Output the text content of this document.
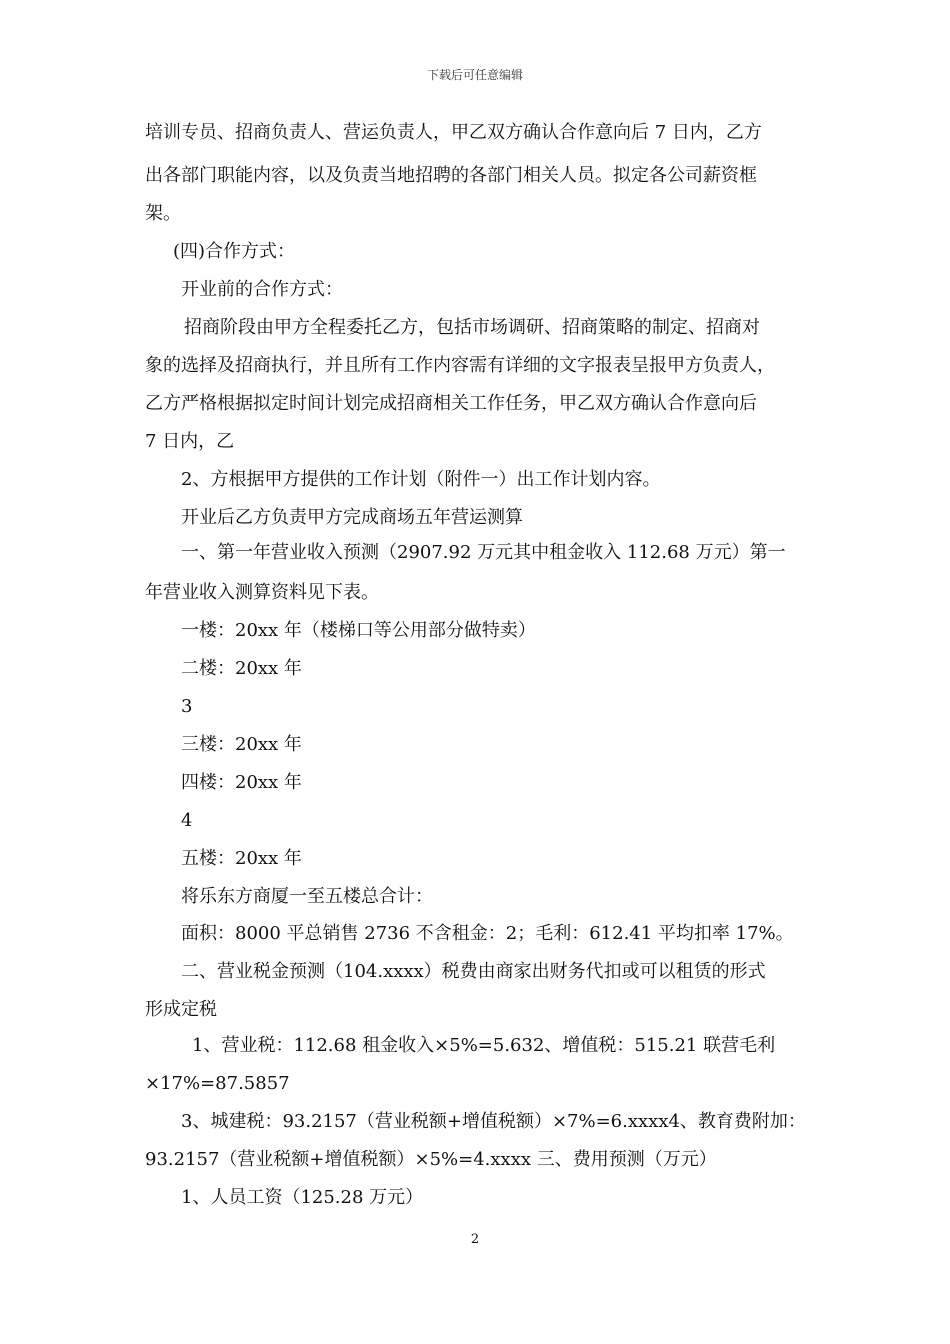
下载后可任意编辑
培训专员、招商负责人、营运负责人，甲乙双方确认合作意向后 7 日内，乙方
出各部门职能内容，以及负责当地招聘的各部门相关人员。拟定各公司薪资框
架。
(四)合作方式：
开业前的合作方式：
招商阶段由甲方全程委托乙方，包括市场调研、招商策略的制定、招商对
象的选择及招商执行，并且所有工作内容需有详细的文字报表呈报甲方负责人，
乙方严格根据拟定时间计划完成招商相关工作任务，甲乙双方确认合作意向后
7 日内，乙
2、方根据甲方提供的工作计划（附件一）出工作计划内容。
开业后乙方负责甲方完成商场五年营运测算
一、第一年营业收入预测（2907.92 万元其中租金收入 112.68 万元）第一
年营业收入测算资料见下表。
一楼：20xx 年（楼梯口等公用部分做特卖）
二楼：20xx 年
3
三楼：20xx 年
四楼：20xx 年
4
五楼：20xx 年
将乐东方商厦一至五楼总合计：
面积：8000 平总销售 2736 不含租金：2；毛利：612.41 平均扣率 17%。
二、营业税金预测（104.xxxx）税费由商家出财务代扣或可以租赁的形式
形成定税
1、营业税：112.68 租金收入×5%=5.632、增值税：515.21 联营毛利
×17%=87.5857
3、城建税：93.2157（营业税额+增值税额）×7%=6.xxxx4、教育费附加：
93.2157（营业税额+增值税额）×5%=4.xxxx 三、费用预测（万元）
1、人员工资（125.28 万元）
2
